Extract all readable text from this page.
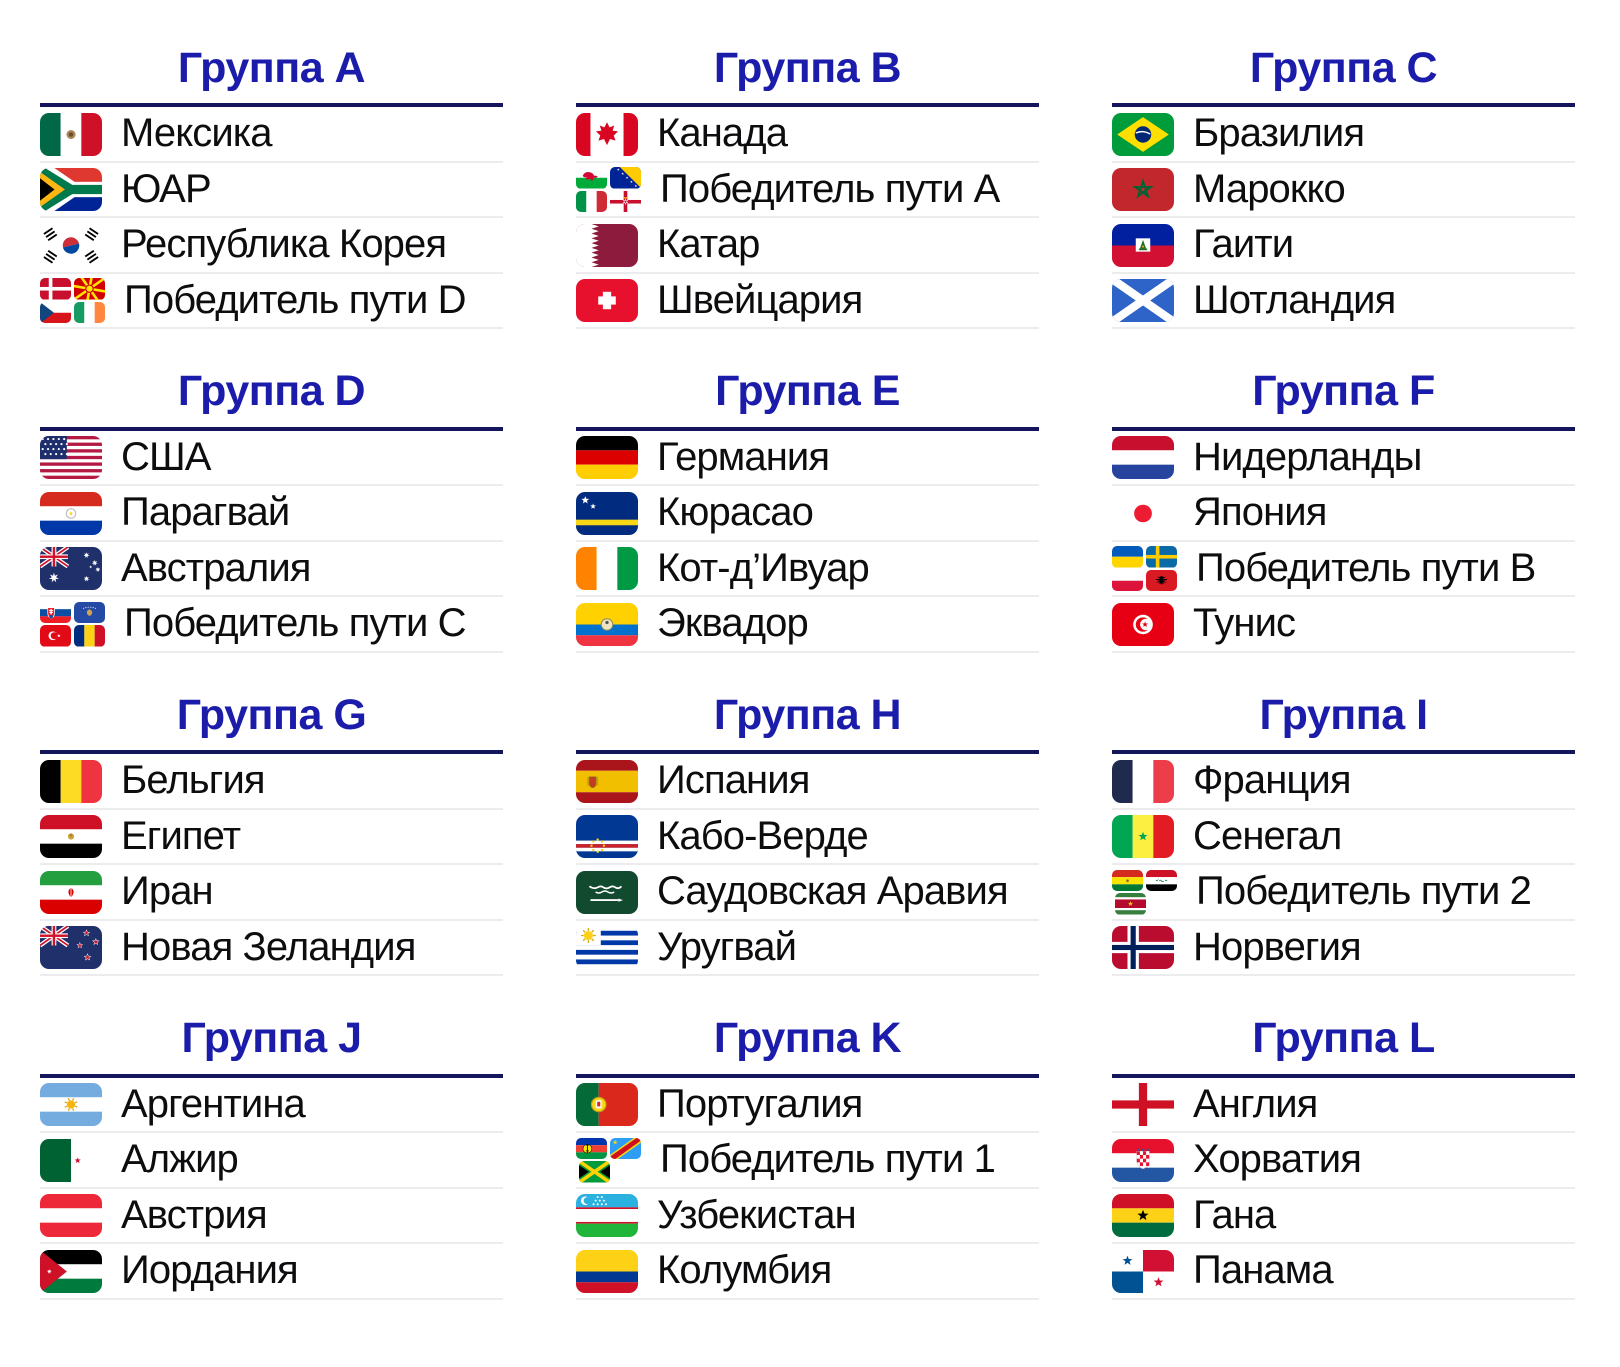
Группа A
Мексика
ЮАР
Республика Корея
Победитель пути D
Группа B
Канада
Победитель пути A
Катар
Швейцария
Группа C
Бразилия
Марокко
Гаити
Шотландия
Группа D
США
Парагвай
Австралия
Победитель пути C
Группа E
Германия
Кюрасао
Кот-д’Ивуар
Эквадор
Группа F
Нидерланды
Япония
Победитель пути B
Тунис
Группа G
Бельгия
Египет
Иран
Новая Зеландия
Группа H
Испания
Кабо-Верде
Саудовская Аравия
Уругвай
Группа I
Франция
Сенегал
Победитель пути 2
Норвегия
Группа J
Аргентина
Алжир
Австрия
Иордания
Группа K
Португалия
Победитель пути 1
Узбекистан
Колумбия
Группа L
Англия
Хорватия
Гана
Панама
